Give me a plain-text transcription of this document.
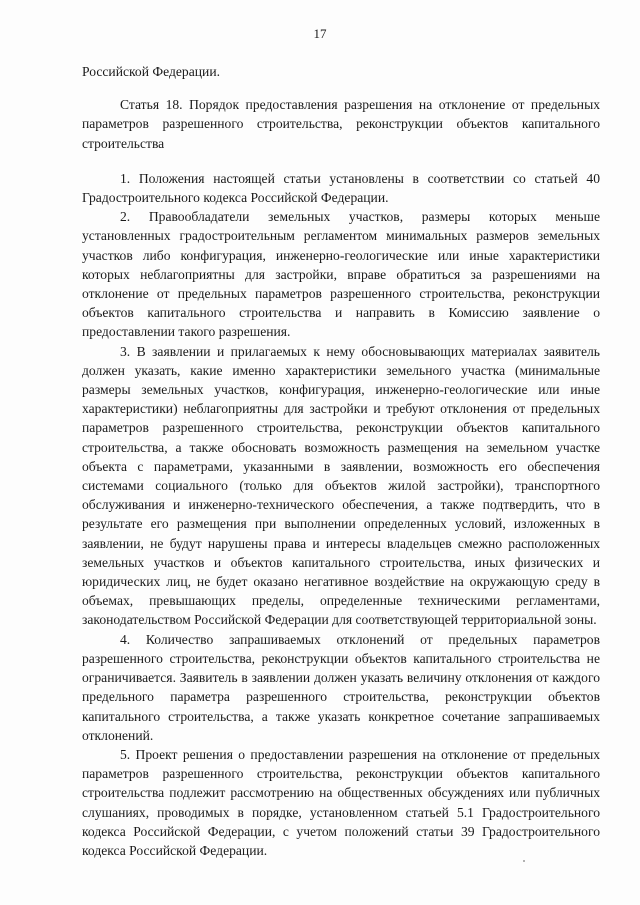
17

Российской Федерации.

Статья 18. Порядок предоставления разрешения на отклонение от предельных параметров разрешенного строительства, реконструкции объектов капитального строительства

1. Положения настоящей статьи установлены в соответствии со статьей 40 Градостроительного кодекса Российской Федерации.

2. Правообладатели земельных участков, размеры которых меньше установленных градостроительным регламентом минимальных размеров земельных участков либо конфигурация, инженерно-геологические или иные характеристики которых неблагоприятны для застройки, вправе обратиться за разрешениями на отклонение от предельных параметров разрешенного строительства, реконструкции объектов капитального строительства и направить в Комиссию заявление о предоставлении такого разрешения.

3. В заявлении и прилагаемых к нему обосновывающих материалах заявитель должен указать, какие именно характеристики земельного участка (минимальные размеры земельных участков, конфигурация, инженерно-геологические или иные характеристики) неблагоприятны для застройки и требуют отклонения от предельных параметров разрешенного строительства, реконструкции объектов капитального строительства, а также обосновать возможность размещения на земельном участке объекта с параметрами, указанными в заявлении, возможность его обеспечения системами социального (только для объектов жилой застройки), транспортного обслуживания и инженерно-технического обеспечения, а также подтвердить, что в результате его размещения при выполнении определенных условий, изложенных в заявлении, не будут нарушены права и интересы владельцев смежно расположенных земельных участков и объектов капитального строительства, иных физических и юридических лиц, не будет оказано негативное воздействие на окружающую среду в объемах, превышающих пределы, определенные техническими регламентами, законодательством Российской Федерации для соответствующей территориальной зоны.

4. Количество запрашиваемых отклонений от предельных параметров разрешенного строительства, реконструкции объектов капитального строительства не ограничивается. Заявитель в заявлении должен указать величину отклонения от каждого предельного параметра разрешенного строительства, реконструкции объектов капитального строительства, а также указать конкретное сочетание запрашиваемых отклонений.

5. Проект решения о предоставлении разрешения на отклонение от предельных параметров разрешенного строительства, реконструкции объектов капитального строительства подлежит рассмотрению на общественных обсуждениях или публичных слушаниях, проводимых в порядке, установленном статьей 5.1 Градостроительного кодекса Российской Федерации, с учетом положений статьи 39 Градостроительного кодекса Российской Федерации.
